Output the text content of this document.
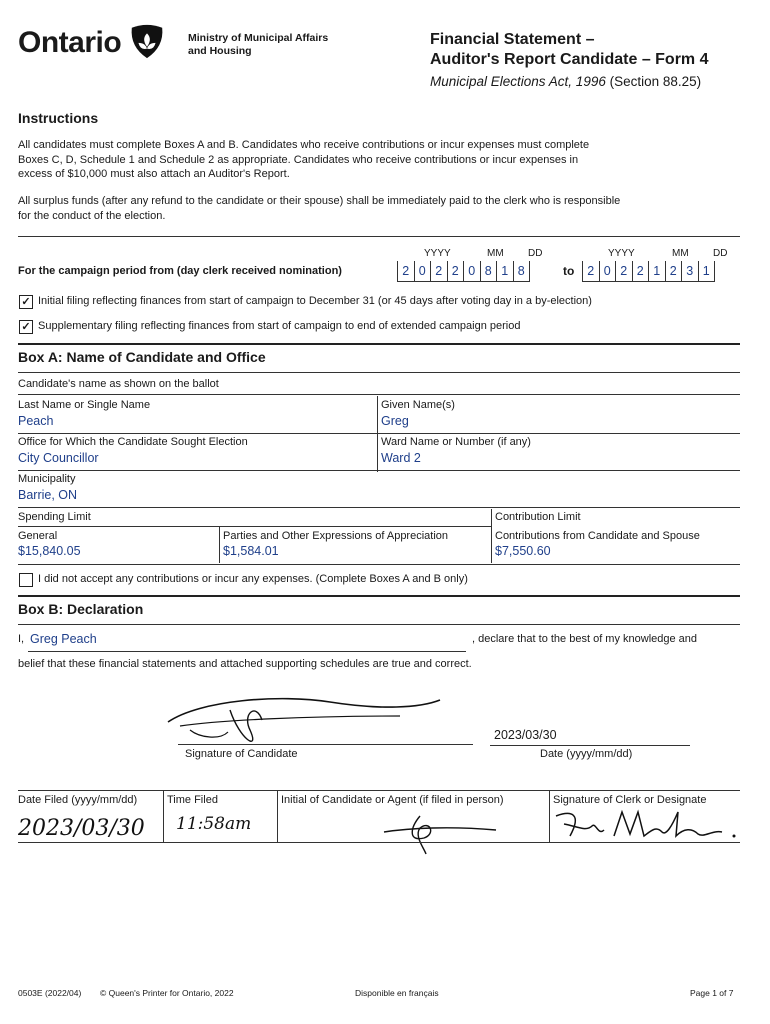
Ontario	Ministry of Municipal Affairs
and Housing
Financial Statement –
Auditor's Report Candidate – Form 4
Municipal Elections Act, 1996 (Section 88.25)
Instructions
All candidates must complete Boxes A and B. Candidates who receive contributions or incur expenses must complete
Boxes C, D, Schedule 1 and Schedule 2 as appropriate. Candidates who receive contributions or incur expenses in
excess of $10,000 must also attach an Auditor's Report.
All surplus funds (after any refund to the candidate or their spouse) shall be immediately paid to the clerk who is responsible
for the conduct of the election.
YYYY	MM DD	YYYY	MM DD
For the campaign period from (day clerk received nomination)	2 0 2 2 0 8 1 8	to	2 0 2 2 1 2 3 1
✓ Initial filing reflecting finances from start of campaign to December 31 (or 45 days after voting day in a by-election)
✓ Supplementary filing reflecting finances from start of campaign to end of extended campaign period
Box A: Name of Candidate and Office
Candidate's name as shown on the ballot
Last Name or Single Name
Peach
Given Name(s)
Greg
Office for Which the Candidate Sought Election
City Councillor
Ward Name or Number (if any)
Ward 2
Municipality
Barrie, ON
Spending Limit
General
$15,840.05
Parties and Other Expressions of Appreciation
$1,584.01
Contribution Limit
Contributions from Candidate and Spouse
$7,550.60
I did not accept any contributions or incur any expenses. (Complete Boxes A and B only)
Box B: Declaration
I, Greg Peach	, declare that to the best of my knowledge and
belief that these financial statements and attached supporting schedules are true and correct.
Signature of Candidate
2023/03/30
Date (yyyy/mm/dd)
Date Filed (yyyy/mm/dd)
2023/03/30
Time Filed
11:58am
Initial of Candidate or Agent (if filed in person)	Signature of Clerk or Designate
0503E (2022/04) © Queen's Printer for Ontario, 2022	Disponible en français	Page 1 of 7
